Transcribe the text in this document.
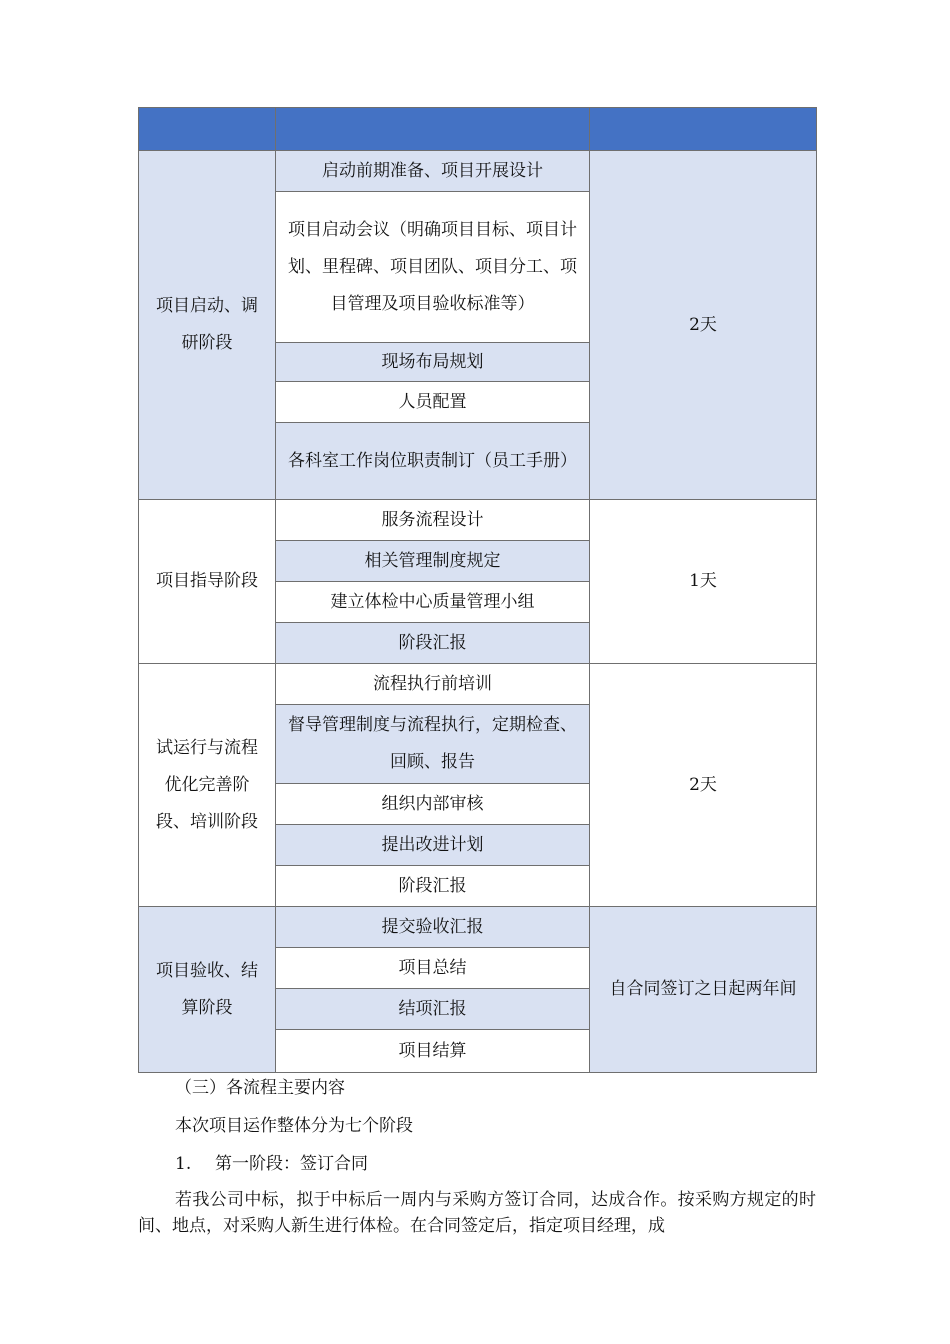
项目启动、调研阶段	启动前期准备、项目开展设计	2天
	项目启动会议（明确项目目标、项目计划、里程碑、项目团队、项目分工、项目管理及项目验收标准等）	
	现场布局规划	
	人员配置	
	各科室工作岗位职责制订（员工手册）	
项目指导阶段	服务流程设计	1天
	相关管理制度规定	
	建立体检中心质量管理小组	
	阶段汇报	
试运行与流程优化完善阶段、培训阶段	流程执行前培训	2天
	督导管理制度与流程执行，定期检查、回顾、报告	
	组织内部审核	
	提出改进计划	
	阶段汇报	
项目验收、结算阶段	提交验收汇报	自合同签订之日起两年间
	项目总结	
	结项汇报	
	项目结算	
（三）各流程主要内容
本次项目运作整体分为七个阶段
1. 第一阶段：签订合同
若我公司中标，拟于中标后一周内与采购方签订合同，达成合作。按采购方规定的时间、地点，对采购人新生进行体检。在合同签定后，指定项目经理，成
